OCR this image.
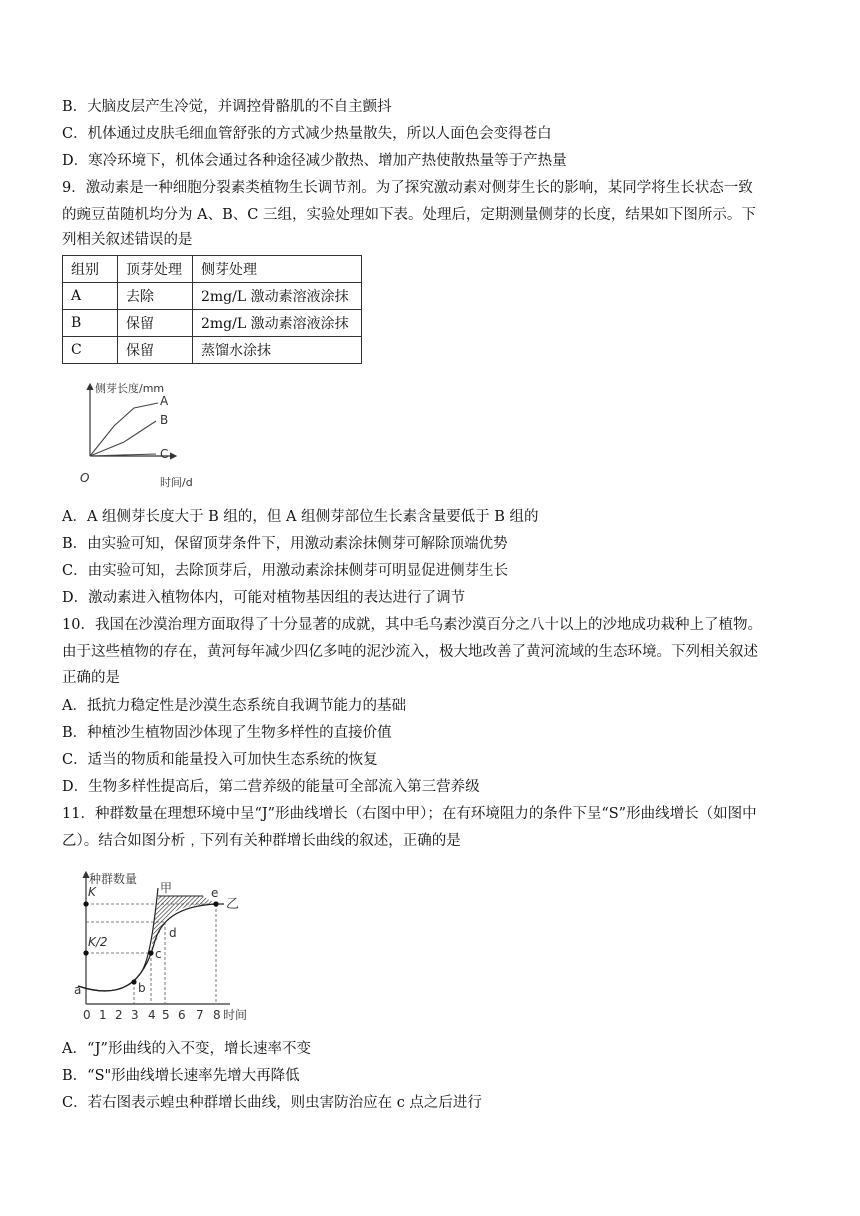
B．大脑皮层产生冷觉，并调控骨骼肌的不自主颤抖
C．机体通过皮肤毛细血管舒张的方式减少热量散失，所以人面色会变得苍白
D．寒冷环境下，机体会通过各种途径减少散热、增加产热使散热量等于产热量
9．激动素是一种细胞分裂素类植物生长调节剂。为了探究激动素对侧芽生长的影响，某同学将生长状态一致
的豌豆苗随机均分为 A、B、C 三组，实验处理如下表。处理后，定期测量侧芽的长度，结果如下图所示。下
列相关叙述错误的是
组别	顶芽处理	侧芽处理
A	去除	2mg/L 激动素溶液涂抹
B	保留	2mg/L 激动素溶液涂抹
C	保留	蒸馏水涂抹
侧芽长度/mm
时间/d
O
A
B
C
A．A 组侧芽长度大于 B 组的，但 A 组侧芽部位生长素含量要低于 B 组的
B．由实验可知，保留顶芽条件下，用激动素涂抹侧芽可解除顶端优势
C．由实验可知，去除顶芽后，用激动素涂抹侧芽可明显促进侧芽生长
D．激动素进入植物体内，可能对植物基因组的表达进行了调节
10．我国在沙漠治理方面取得了十分显著的成就，其中毛乌素沙漠百分之八十以上的沙地成功栽种上了植物。
由于这些植物的存在，黄河每年减少四亿多吨的泥沙流入，极大地改善了黄河流域的生态环境。下列相关叙述
正确的是
A．抵抗力稳定性是沙漠生态系统自我调节能力的基础
B．种植沙生植物固沙体现了生物多样性的直接价值
C．适当的物质和能量投入可加快生态系统的恢复
D．生物多样性提高后，第二营养级的能量可全部流入第三营养级
11．种群数量在理想环境中呈“J”形曲线增长（右图中甲）；在有环境阻力的条件下呈“S”形曲线增长（如图中
乙）。结合如图分析﹐下列有关种群增长曲线的叙述，正确的是
种群数量
K
K/2
甲
乙
a	b
c
d
e
0 1 2 3 4 5 6 7 8 时间
A．“J”形曲线的入不变，增长速率不变
B．“S"形曲线增长速率先增大再降低
C．若右图表示蝗虫种群增长曲线，则虫害防治应在 c 点之后进行
